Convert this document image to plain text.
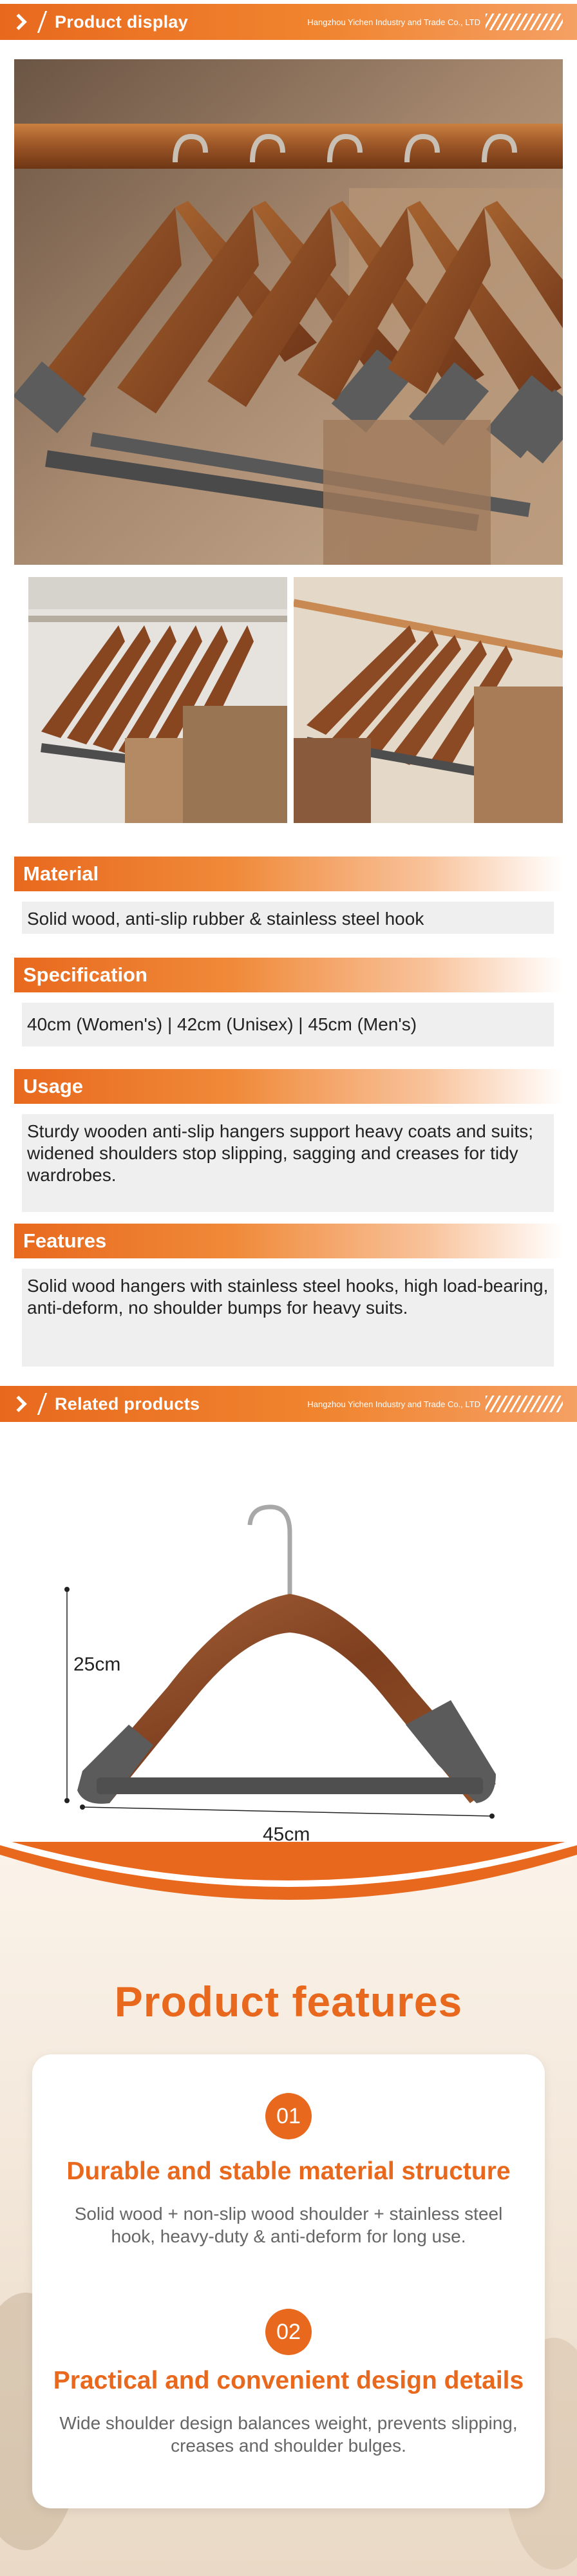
Product display	Hangzhou Yichen Industry and Trade Co., LTD
Material
Solid wood, anti-slip rubber & stainless steel hook
Specification
40cm (Women's) | 42cm (Unisex) | 45cm (Men's)
Usage
Sturdy wooden anti-slip hangers support heavy coats and suits; widened shoulders stop slipping, sagging and creases for tidy wardrobes.
Features
Solid wood hangers with stainless steel hooks, high load-bearing, anti-deform, no shoulder bumps for heavy suits.
Related products	Hangzhou Yichen Industry and Trade Co., LTD
25cm
45cm
Product features
01
Durable and stable material structure
Solid wood + non-slip wood shoulder + stainless steel hook, heavy-duty & anti-deform for long use.
02
Practical and convenient design details
Wide shoulder design balances weight, prevents slipping, creases and shoulder bulges.
